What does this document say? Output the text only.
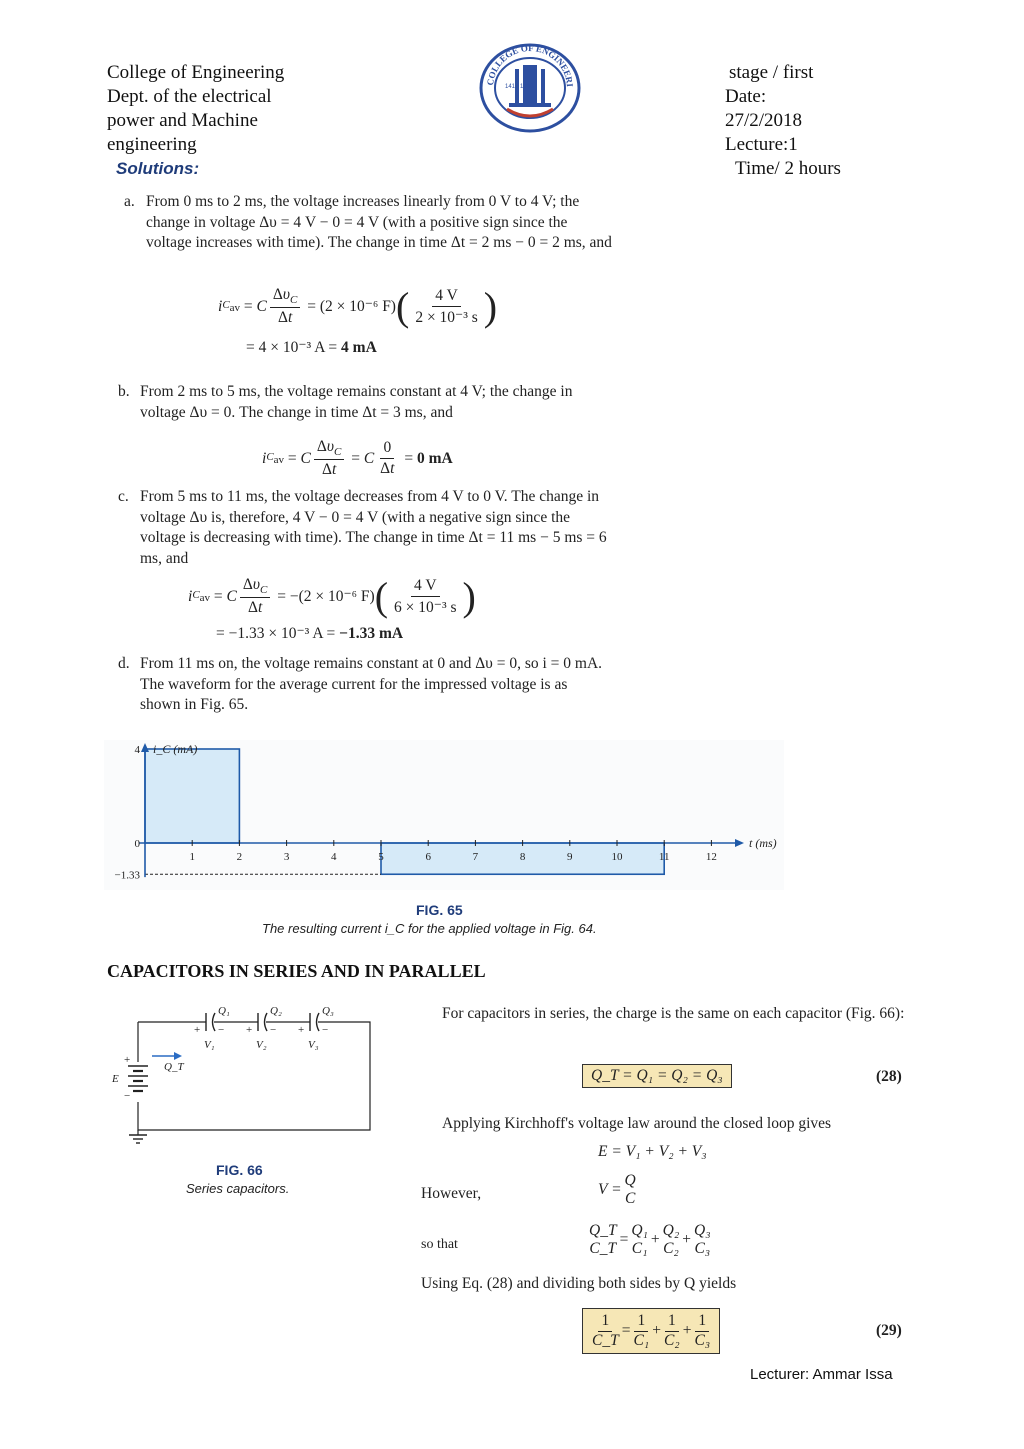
College of Engineering
Dept. of the electrical
power and Machine
engineering
COLLEGE OF ENGINEERI
1419 1998
stage / first
Date:
27/2/2018
Lecture:1
Time/ 2 hours
Solutions:
a. From 0 ms to 2 ms, the voltage increases linearly from 0 V to 4 V; the change in voltage Δυ = 4 V − 0 = 4 V (with a positive sign since the voltage increases with time). The change in time Δt = 2 ms − 0 = 2 ms, and
i $C_{av} = C \frac{\Delta\upsilon_C}{\Delta t} = (2 \times 10^{-6}$ F) ( $\frac{4 V}{\text{2 × 10⁻³ s}}$ )
= 4 × 10⁻³ A = 4 mA
b. From 2 ms to 5 ms, the voltage remains constant at 4 V; the change in voltage Δυ = 0. The change in time Δt = 3 ms, and
i $C_{av} = C \frac{\Delta\upsilon_C}{\Delta t} = C \frac{0}{\Delta t} = 0$ mA
c. From 5 ms to 11 ms, the voltage decreases from 4 V to 0 V. The change in voltage Δυ is, therefore, 4 V − 0 = 4 V (with a negative sign since the voltage is decreasing with time). The change in time Δt = 11 ms − 5 ms = 6 ms, and
i $C_{av} = C \frac{\Delta\upsilon_C}{\Delta t} = -(2 \times 10^{-6}$ F) ( $\frac{4 V}{\text{6 × 10⁻³ s}}$ )
= −1.33 × 10⁻³ A = −1.33 mA
d. From 11 ms on, the voltage remains constant at 0 and Δυ = 0, so i = 0 mA. The waveform for the average current for the impressed voltage is as shown in Fig. 65.
1	2	3	4	5	6	7	8	9	10	11	12
4
0
−1.33
i_C (mA)
t (ms)
FIG. 65
The resulting current i_C for the applied voltage in Fig. 64.
CAPACITORS IN SERIES AND IN PARALLEL
Q₁	Q₂	Q₃
+ − + − + −
V₁	V₂	V₃
Q_T
+
−
E
FIG. 66
Series capacitors.
For capacitors in series, the charge is the same on each capacitor (Fig. 66):
Q_T = Q₁ = Q₂ = Q₃	(28)
Applying Kirchhoff's voltage law around the closed loop gives
E = V₁ + V₂ + V₃
However,	V =
Q
C
so that
Q_T
C_T
=
Q₁
C₁
+
Q₂
C₂
+
Q₃
C₃
Using Eq. (28) and dividing both sides by Q yields
$\frac{1}{C\_T} = \frac{1}{\text{C₁}} + \frac{1}{\text{C₂}} + \frac{1}{\text{C₃}}$	(29)
Lecturer: Ammar Issa
